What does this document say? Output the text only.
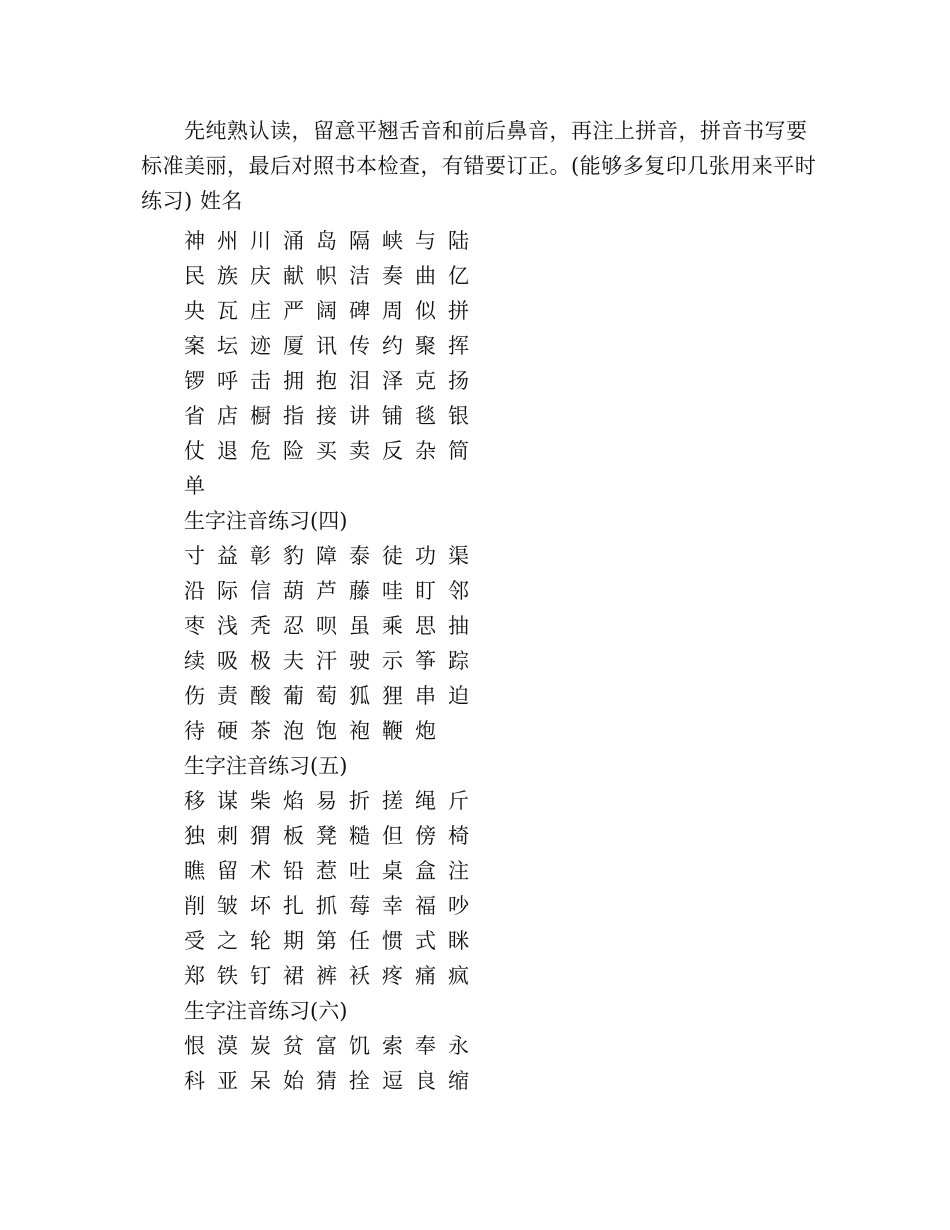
先纯熟认读，留意平翘舌音和前后鼻音，再注上拼音，拼音书写要标准美丽，最后对照书本检查，有错要订正。(能够多复印几张用来平时练习) 姓名

神 州 川 涌 岛 隔 峡 与 陆
民 族 庆 献 帜 洁 奏 曲 亿
央 瓦 庄 严 阔 碑 周 似 拼
案 坛 迹 厦 讯 传 约 聚 挥
锣 呼 击 拥 抱 泪 泽 克 扬
省 店 橱 指 接 讲 铺 毯 银
仗 退 危 险 买 卖 反 杂 简
单
生字注音练习(四)
寸 益 彰 豹 障 泰 徒 功 渠
沿 际 信 葫 芦 藤 哇 盯 邻
枣 浅 秃 忍 呗 虽 乘 思 抽
续 吸 极 夫 汗 驶 示 筝 踪
伤 责 酸 葡 萄 狐 狸 串 迫
待 硬 茶 泡 饱 袍 鞭 炮
生字注音练习(五)
移 谋 柴 焰 易 折 搓 绳 斤
独 刺 猬 板 凳 糙 但 傍 椅
瞧 留 术 铅 惹 吐 桌 盒 注
削 皱 坏 扎 抓 莓 幸 福 吵
受 之 轮 期 第 任 惯 式 眯
郑 铁 钉 裙 裤 袄 疼 痛 疯
生字注音练习(六)
恨 漠 炭 贫 富 饥 索 奉 永
科 亚 呆 始 猜 拴 逗 良 缩
